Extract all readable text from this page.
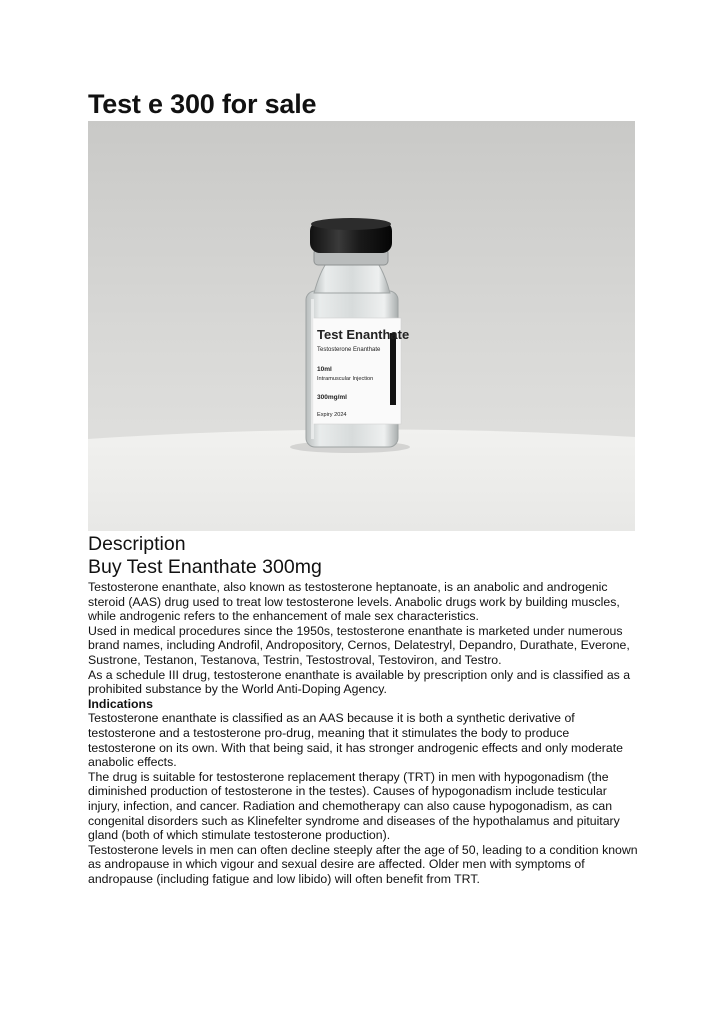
Test e 300 for sale
Test Enanthate
Testosterone Enanthate
10ml
Intramuscular Injection
300mg/ml
Expiry 2024
Description
Buy Test Enanthate 300mg

Testosterone enanthate, also known as testosterone heptanoate, is an anabolic and androgenic steroid (AAS) drug used to treat low testosterone levels. Anabolic drugs work by building muscles, while androgenic refers to the enhancement of male sex characteristics.

Used in medical procedures since the 1950s, testosterone enanthate is marketed under numerous brand names, including Androfil, Andropository, Cernos, Delatestryl, Depandro, Durathate, Everone, Sustrone, Testanon, Testanova, Testrin, Testostroval, Testoviron, and Testro.

As a schedule III drug, testosterone enanthate is available by prescription only and is classified as a prohibited substance by the World Anti-Doping Agency.

Indications

Testosterone enanthate is classified as an AAS because it is both a synthetic derivative of testosterone and a testosterone pro-drug, meaning that it stimulates the body to produce testosterone on its own. With that being said, it has stronger androgenic effects and only moderate anabolic effects.

The drug is suitable for testosterone replacement therapy (TRT) in men with hypogonadism (the diminished production of testosterone in the testes). Causes of hypogonadism include testicular injury, infection, and cancer. Radiation and chemotherapy can also cause hypogonadism, as can congenital disorders such as Klinefelter syndrome and diseases of the hypothalamus and pituitary gland (both of which stimulate testosterone production).

Testosterone levels in men can often decline steeply after the age of 50, leading to a condition known as andropause in which vigour and sexual desire are affected. Older men with symptoms of andropause (including fatigue and low libido) will often benefit from TRT.
